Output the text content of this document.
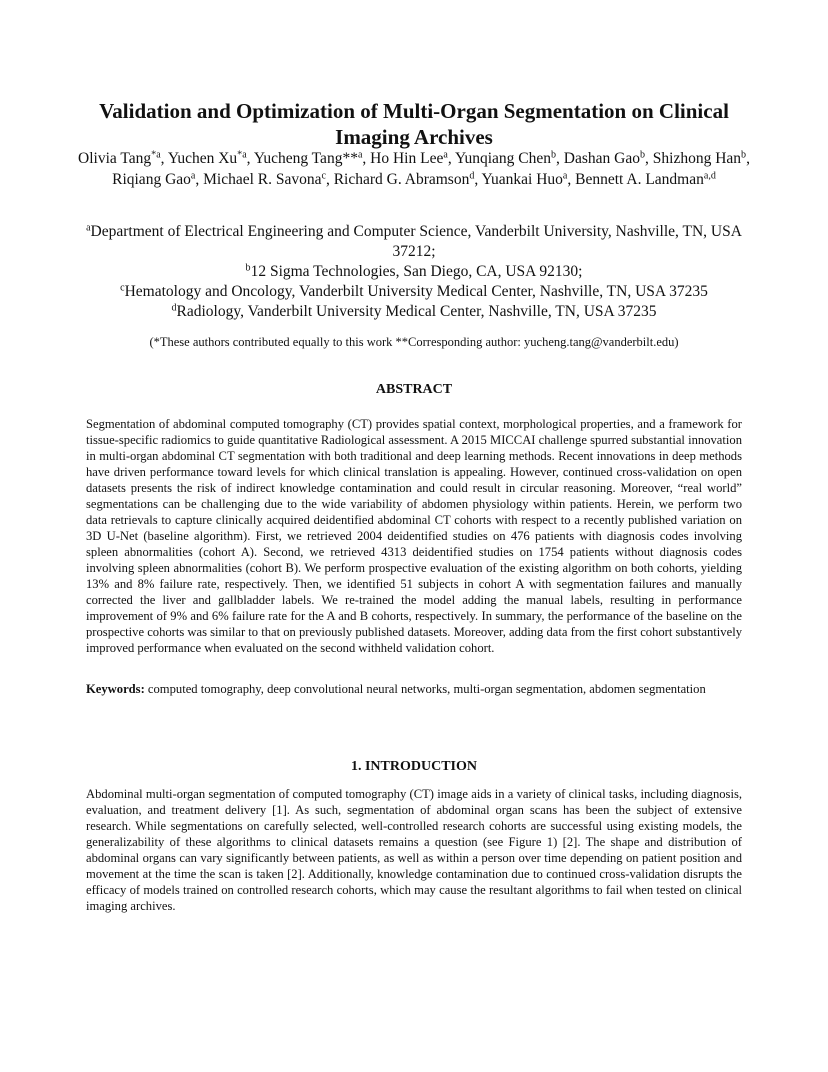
Validation and Optimization of Multi-Organ Segmentation on Clinical Imaging Archives
Olivia Tang$^{*a}$, Yuchen Xu$^{*a}$, Yucheng Tang**$^a$, Ho Hin Lee$^a$, Yunqiang Chen$^b$, Dashan Gao$^b$, Shizhong Han$^b$, Riqiang Gao$^a$, Michael R. Savona$^c$, Richard G. Abramson$^d$, Yuankai Huo$^a$, Bennett A. Landman$^{a,d}$
$^a$Department of Electrical Engineering and Computer Science, Vanderbilt University, Nashville, TN, USA 37212;
$^b$12 Sigma Technologies, San Diego, CA, USA 92130;
$^c$Hematology and Oncology, Vanderbilt University Medical Center, Nashville, TN, USA 37235
$^d$Radiology, Vanderbilt University Medical Center, Nashville, TN, USA 37235
(*These authors contributed equally to this work **Corresponding author: yucheng.tang@vanderbilt.edu)
ABSTRACT

Segmentation of abdominal computed tomography (CT) provides spatial context, morphological properties, and a framework for tissue-specific radiomics to guide quantitative Radiological assessment. A 2015 MICCAI challenge spurred substantial innovation in multi-organ abdominal CT segmentation with both traditional and deep learning methods. Recent innovations in deep methods have driven performance toward levels for which clinical translation is appealing. However, continued cross-validation on open datasets presents the risk of indirect knowledge contamination and could result in circular reasoning. Moreover, “real world” segmentations can be challenging due to the wide variability of abdomen physiology within patients. Herein, we perform two data retrievals to capture clinically acquired deidentified abdominal CT cohorts with respect to a recently published variation on 3D U-Net (baseline algorithm). First, we retrieved 2004 deidentified studies on 476 patients with diagnosis codes involving spleen abnormalities (cohort A). Second, we retrieved 4313 deidentified studies on 1754 patients without diagnosis codes involving spleen abnormalities (cohort B). We perform prospective evaluation of the existing algorithm on both cohorts, yielding 13% and 8% failure rate, respectively. Then, we identified 51 subjects in cohort A with segmentation failures and manually corrected the liver and gallbladder labels. We re-trained the model adding the manual labels, resulting in performance improvement of 9% and 6% failure rate for the A and B cohorts, respectively. In summary, the performance of the baseline on the prospective cohorts was similar to that on previously published datasets. Moreover, adding data from the first cohort substantively improved performance when evaluated on the second withheld validation cohort.

Keywords: computed tomography, deep convolutional neural networks, multi-organ segmentation, abdomen segmentation

1. INTRODUCTION

Abdominal multi-organ segmentation of computed tomography (CT) image aids in a variety of clinical tasks, including diagnosis, evaluation, and treatment delivery [1]. As such, segmentation of abdominal organ scans has been the subject of extensive research. While segmentations on carefully selected, well-controlled research cohorts are successful using existing models, the generalizability of these algorithms to clinical datasets remains a question (see Figure 1) [2]. The shape and distribution of abdominal organs can vary significantly between patients, as well as within a person over time depending on patient position and movement at the time the scan is taken [2]. Additionally, knowledge contamination due to continued cross-validation disrupts the efficacy of models trained on controlled research cohorts, which may cause the resultant algorithms to fail when tested on clinical imaging archives.
